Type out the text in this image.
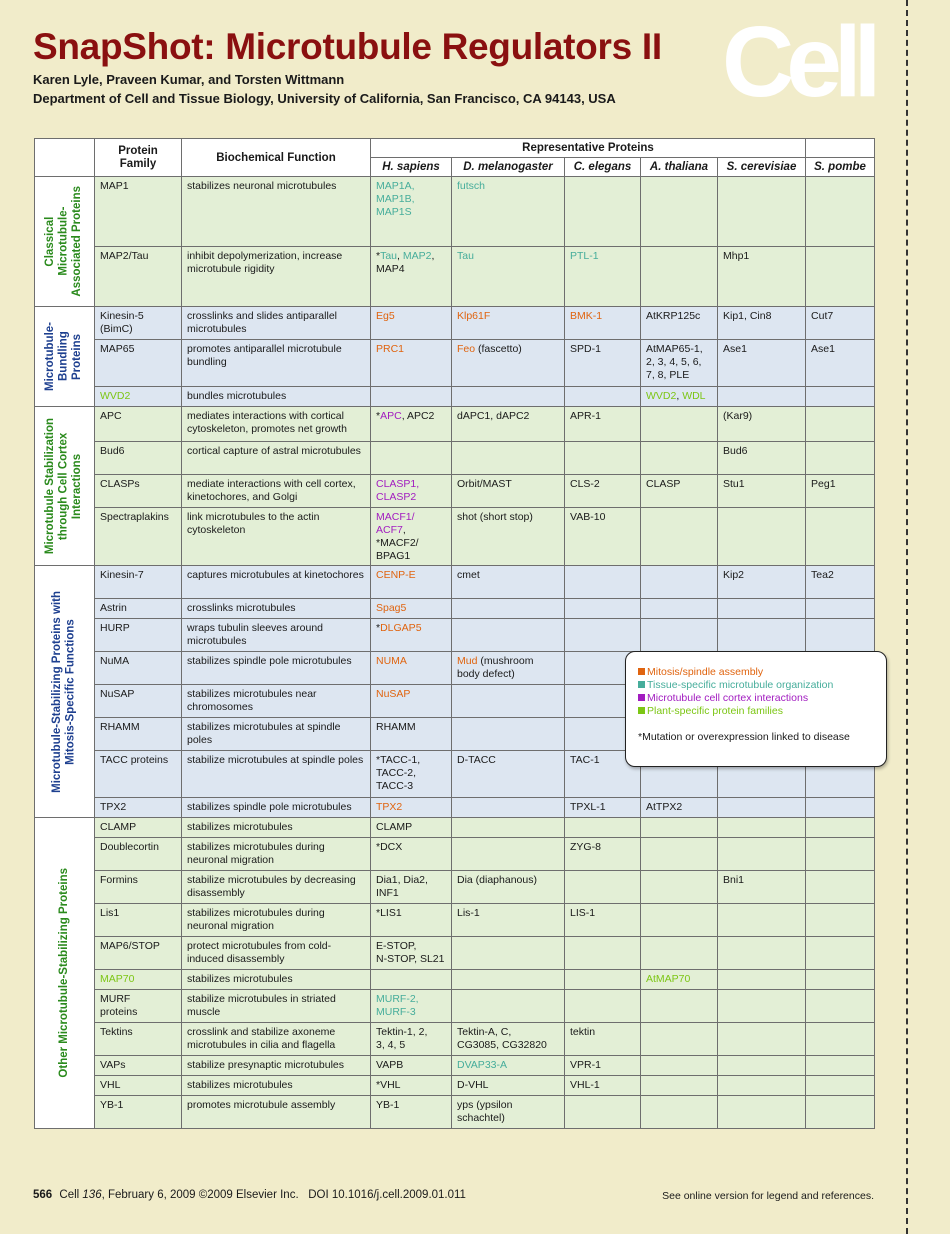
SnapShot: Microtubule Regulators II
Karen Lyle, Praveen Kumar, and Torsten Wittmann
Department of Cell and Tissue Biology, University of California, San Francisco, CA 94143, USA Cell
	Protein
Family	Biochemical Function	Representative Proteins					
			H. sapiens	D. melanogaster	C. elegans	A. thaliana	S. cerevisiae	S. pombe

Classical Microtubule- Associated Proteins	MAP1	stabilizes neuronal microtubules	MAP1A,
MAP1B,
MAP1S	futsch				
	MAP2/Tau	inhibit depolymerization, increase microtubule rigidity	*Tau, MAP2,
MAP4	Tau	PTL-1		Mhp1	

Microtubule- Bundling Proteins	Kinesin-5
(BimC)	crosslinks and slides antiparallel microtubules	Eg5	Klp61F	BMK-1	AtKRP125c	Kip1, Cin8	Cut7
	MAP65	promotes antiparallel microtubule bundling	PRC1	Feo (fascetto)	SPD-1	AtMAP65-1,
2, 3, 4, 5, 6,
7, 8, PLE	Ase1	Ase1
	WVD2	bundles microtubules				WVD2, WDL		

Microtubule Stabilization through Cell Cortex Interactions	APC	mediates interactions with cortical cytoskeleton, promotes net growth	*APC, APC2	dAPC1, dAPC2	APR-1		(Kar9)	
	Bud6	cortical capture of astral microtubules					Bud6	
	CLASPs	mediate interactions with cell cortex, kinetochores, and Golgi	CLASP1,
CLASP2	Orbit/MAST	CLS-2	CLASP	Stu1	Peg1
	Spectraplakins	link microtubules to the actin cytoskeleton	MACF1/
ACF7,
*MACF2/
BPAG1	shot (short stop)	VAB-10			

Microtubule-Stabilizing Proteins with Mitosis-Specific Functions	Kinesin-7	captures microtubules at kinetochores	CENP-E	cmet			Kip2	Tea2
	Astrin	crosslinks microtubules	Spag5					
	HURP	wraps tubulin sleeves around microtubules	*DLGAP5					
	NuMA	stabilizes spindle pole microtubules	NUMA	Mud (mushroom
body defect)				
	NuSAP	stabilizes microtubules near chromosomes	NuSAP					
	RHAMM	stabilizes microtubules at spindle poles	RHAMM					
	TACC proteins	stabilize microtubules at spindle poles	*TACC-1,
TACC-2,
TACC-3	D-TACC	TAC-1			
	TPX2	stabilizes spindle pole microtubules	TPX2		TPXL-1	AtTPX2		

Other Microtubule-Stabilizing Proteins	CLAMP	stabilizes microtubules	CLAMP					
	Doublecortin	stabilizes microtubules during neuronal migration	*DCX		ZYG-8			
	Formins	stabilize microtubules by decreasing disassembly	Dia1, Dia2,
INF1	Dia (diaphanous)			Bni1	
	Lis1	stabilizes microtubules during neuronal migration	*LIS1	Lis-1	LIS-1			
	MAP6/STOP	protect microtubules from cold-induced disassembly	E-STOP,
N-STOP, SL21					
	MAP70	stabilizes microtubules				AtMAP70		
	MURF
proteins	stabilize microtubules in striated muscle	MURF-2,
MURF-3					
	Tektins	crosslink and stabilize axoneme microtubules in cilia and flagella	Tektin-1, 2,
3, 4, 5	Tektin-A, C,
CG3085, CG32820	tektin			
	VAPs	stabilize presynaptic microtubules	VAPB	DVAP33-A	VPR-1			
	VHL	stabilizes microtubules	*VHL	D-VHL	VHL-1			
	YB-1	promotes microtubule assembly	YB-1	yps (ypsilon
schachtel)				
Mitosis/spindle assembly
Tissue-specific microtubule organization
Microtubule cell cortex interactions
Plant-specific protein families
*Mutation or overexpression linked to disease
566 Cell 136, February 6, 2009 ©2009 Elsevier Inc. DOI 10.1016/j.cell.2009.01.011	See online version for legend and references.
